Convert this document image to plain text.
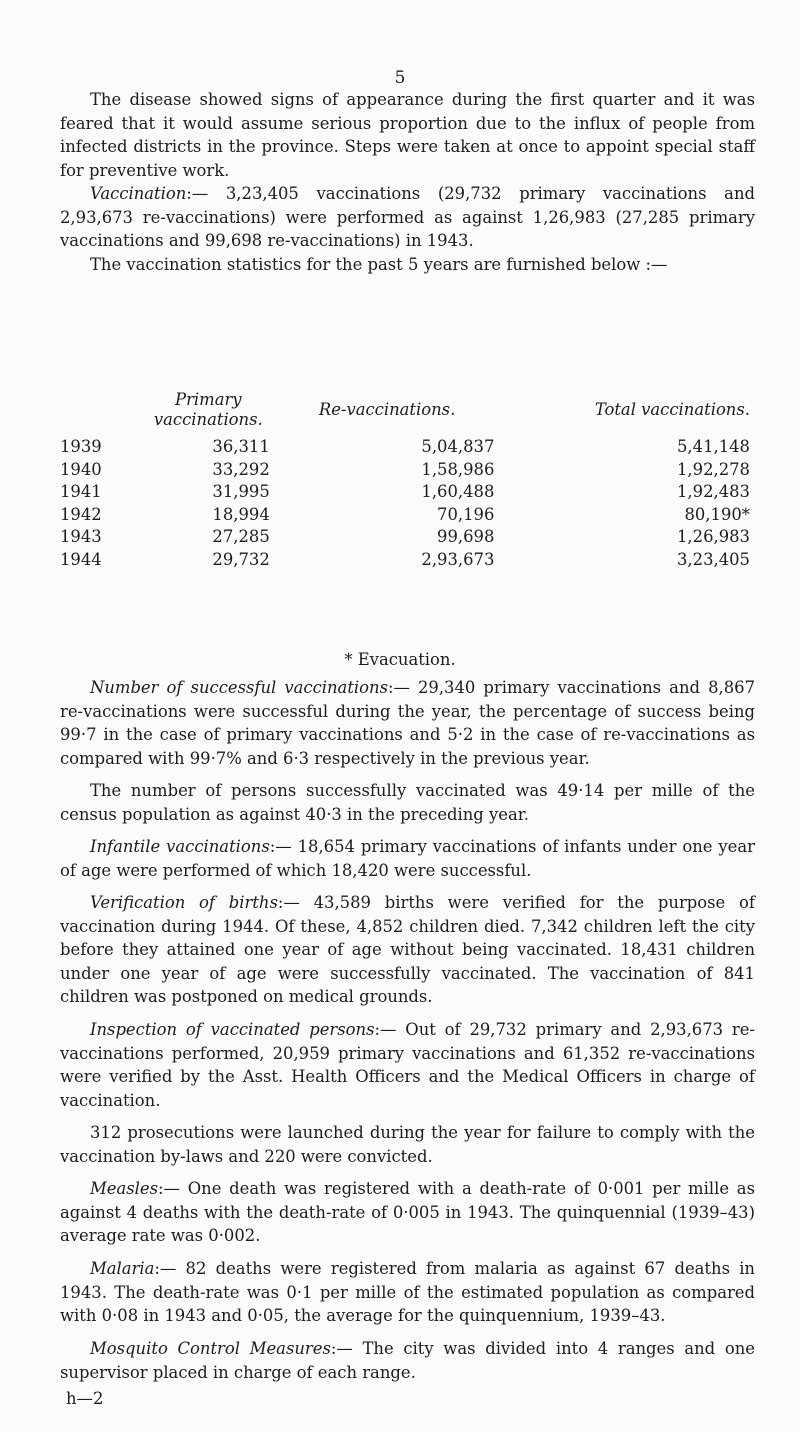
5

The disease showed signs of appearance during the first quarter and it was feared that it would assume serious proportion due to the influx of people from infected districts in the province. Steps were taken at once to appoint special staff for preventive work.

Vaccination:— 3,23,405 vaccinations (29,732 primary vaccinations and 2,93,673 re-vaccinations) were performed as against 1,26,983 (27,285 primary vaccinations and 99,698 re-vaccinations) in 1943.

The vaccination statistics for the past 5 years are furnished below :—

	Primary vaccinations.	Re-vaccinations.	Total vaccinations.
1939	36,311	5,04,837	5,41,148
1940	33,292	1,58,986	1,92,278
1941	31,995	1,60,488	1,92,483
1942	18,994	70,196	80,190*
1943	27,285	99,698	1,26,983
1944	29,732	2,93,673	3,23,405
* Evacuation.

Number of successful vaccinations:— 29,340 primary vaccinations and 8,867 re-vaccinations were successful during the year, the percentage of success being 99·7 in the case of primary vaccinations and 5·2 in the case of re-vaccinations as compared with 99·7% and 6·3 respectively in the previous year.

The number of persons successfully vaccinated was 49·14 per mille of the census population as against 40·3 in the preceding year.

Infantile vaccinations:— 18,654 primary vaccinations of infants under one year of age were performed of which 18,420 were successful.

Verification of births:— 43,589 births were verified for the purpose of vaccination during 1944. Of these, 4,852 children died. 7,342 children left the city before they attained one year of age without being vaccinated. 18,431 children under one year of age were successfully vaccinated. The vaccination of 841 children was postponed on medical grounds.

Inspection of vaccinated persons:— Out of 29,732 primary and 2,93,673 re-vaccinations performed, 20,959 primary vaccinations and 61,352 re-vaccinations were verified by the Asst. Health Officers and the Medical Officers in charge of vaccination.

312 prosecutions were launched during the year for failure to comply with the vaccination by-laws and 220 were convicted.

Measles:— One death was registered with a death-rate of 0·001 per mille as against 4 deaths with the death-rate of 0·005 in 1943. The quinquennial (1939–43) average rate was 0·002.

Malaria:— 82 deaths were registered from malaria as against 67 deaths in 1943. The death-rate was 0·1 per mille of the estimated population as compared with 0·08 in 1943 and 0·05, the average for the quinquennium, 1939–43.

Mosquito Control Measures:— The city was divided into 4 ranges and one supervisor placed in charge of each range.

h—2
